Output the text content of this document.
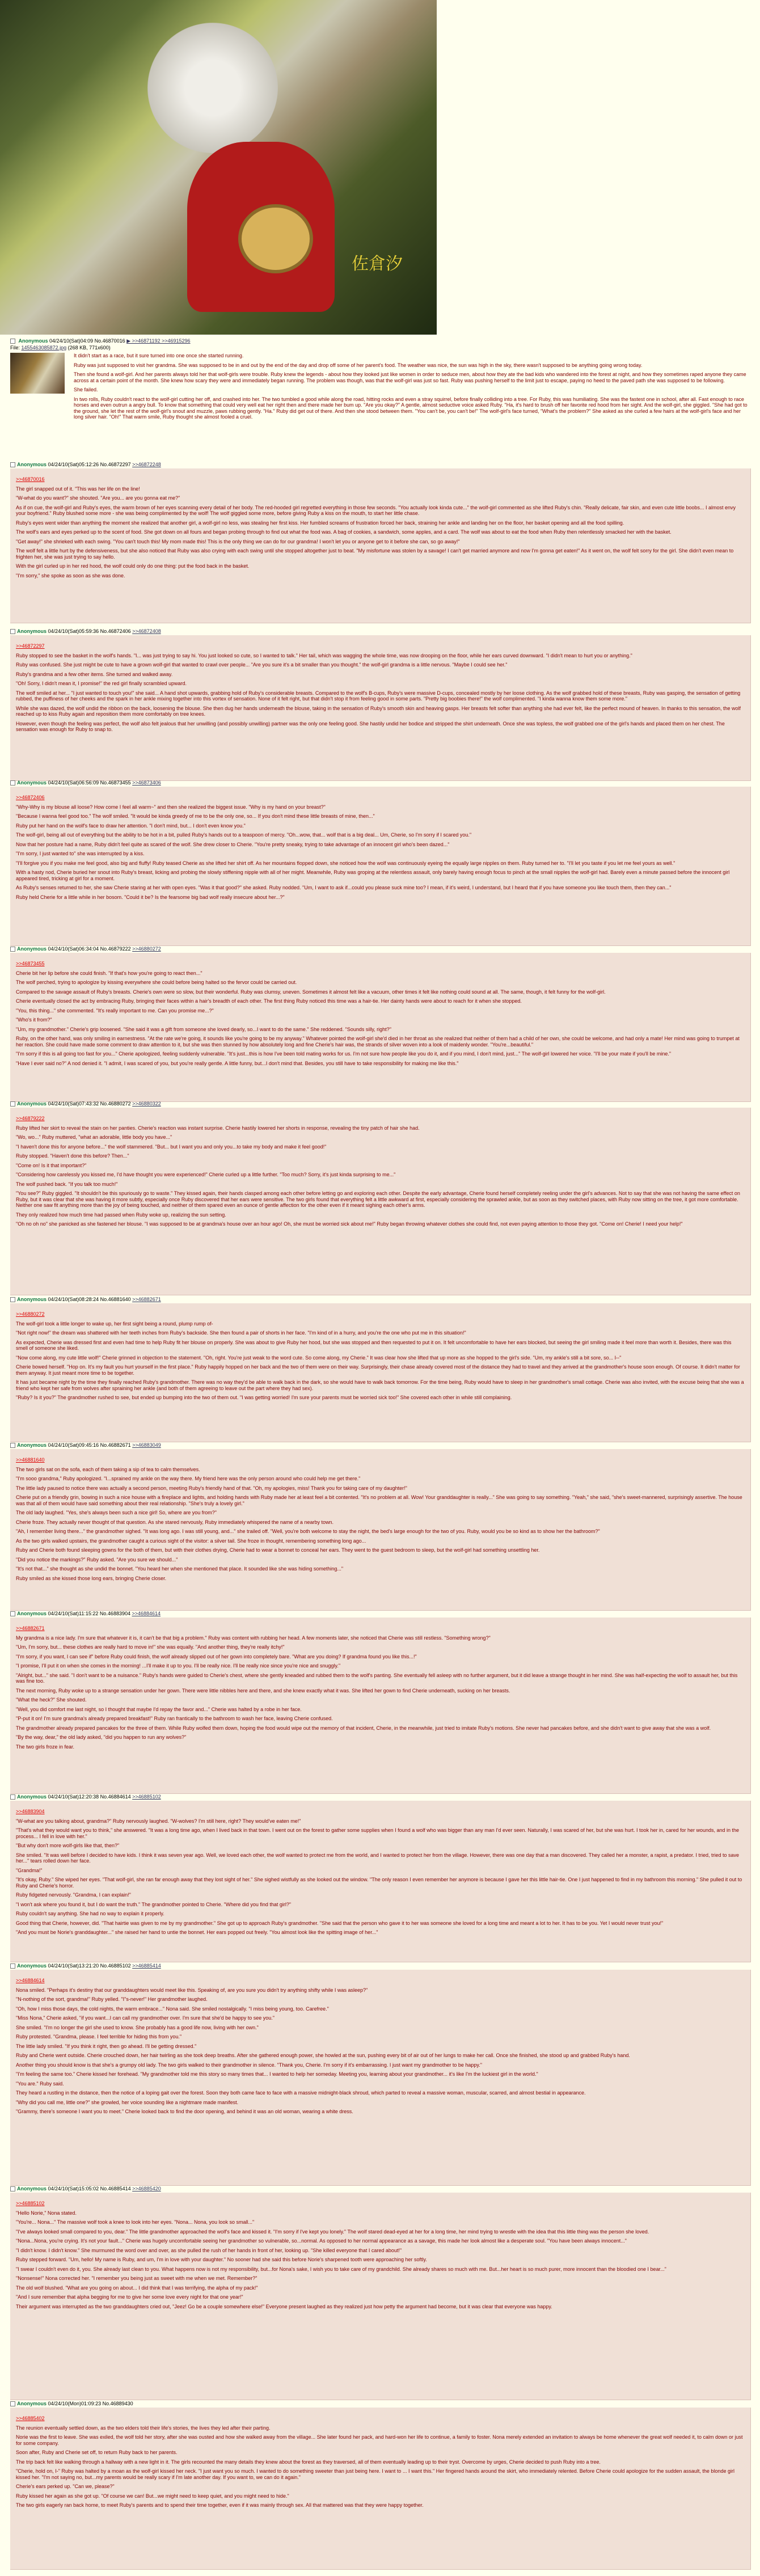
佐倉汐
Anonymous 04/24/10(Sat)04:09 No.46870016 ▶ >>46871192 >>46915296
File: 1455463085872.jpg (268 KB, 771x600)

It didn't start as a race, but it sure turned into one once she started running.

Ruby was just supposed to visit her grandma. She was supposed to be in and out by the end of the day and drop off some of her parent's food. The weather was nice, the sun was high in the sky, there wasn't supposed to be anything going wrong today.

Then she found a wolf-girl. And her parents always told her that wolf-girls were trouble. Ruby knew the legends - about how they looked just like women in order to seduce men, about how they ate the bad kids who wandered into the forest at night, and how they sometimes raped anyone they came across at a certain point of the month. She knew how scary they were and immediately began running. The problem was though, was that the wolf-girl was just so fast. Ruby was pushing herself to the limit just to escape, paying no heed to the paved path she was supposed to be following.

She failed.

In two rolls, Ruby couldn't react to the wolf-girl cutting her off, and crashed into her. The two tumbled a good while along the road, hitting rocks and even a stray squirrel, before finally colliding into a tree. For Ruby, this was humiliating. She was the fastest one in school, after all. Fast enough to race horses and even outrun a angry bull. To know that something that could very well eat her right then and there made her bum up. "Are you okay?" A gentle, almost seductive voice asked Ruby. "Ha, it's hard to brush off her favorite red hood from her sight. And the wolf-girl, she giggled. "She had got to the ground, she let the rest of the wolf-girl's snout and muzzle, paws rubbing gently. "Ha." Ruby did get out of there. And then she stood between them. "You can't be, you can't be!" The wolf-girl's face turned, "What's the problem?" She asked as she curled a few hairs at the wolf-girl's face and her long silver hair. "Oh!" That warm smile, Ruby thought she almost fooled a cruel.

Anonymous 04/24/10(Sat)05:12:26 No.46872297 >>46872248

>>46870016

The girl snapped out of it. "This was her life on the line!

"W-what do you want?" she shouted. "Are you... are you gonna eat me?"

As if on cue, the wolf-girl and Ruby's eyes, the warm brown of her eyes scanning every detail of her body. The red-hooded girl regretted everything in those few seconds. "You actually look kinda cute..." the wolf-girl commented as she lifted Ruby's chin. "Really delicate, fair skin, and even cute little boobs... I almost envy your boyfriend." Ruby blushed some more - she was being complimented by the wolf! The wolf giggled some more, before giving Ruby a kiss on the mouth, to start her little chase.

Ruby's eyes went wider than anything the moment she realized that another girl, a wolf-girl no less, was stealing her first kiss. Her fumbled screams of frustration forced her back, straining her ankle and landing her on the floor, her basket opening and all the food spilling.

The wolf's ears and eyes perked up to the scent of food. She got down on all fours and began probing through to find out what the food was. A bag of cookies, a sandwich, some apples, and a card. The wolf was about to eat the food when Ruby then relentlessly smacked her with the basket.

"Get away!" she shrieked with each swing. "You can't touch this! My mom made this! This is the only thing we can do for our grandma! I won't let you or anyone get to it before she can, so go away!"

The wolf felt a little hurt by the defensiveness, but she also noticed that Ruby was also crying with each swing until she stopped altogether just to beat. "My misfortune was stolen by a savage! I can't get married anymore and now I'm gonna get eaten!" As it went on, the wolf felt sorry for the girl. She didn't even mean to frighten her, she was just trying to say hello.

With the girl curled up in her red hood, the wolf could only do one thing: put the food back in the basket.

"I'm sorry," she spoke as soon as she was done.

Anonymous 04/24/10(Sat)05:59:36 No.46872406 >>46872408

>>46872297

Ruby stopped to see the basket in the wolf's hands. "I... was just trying to say hi. You just looked so cute, so I wanted to talk." Her tail, which was wagging the whole time, was now drooping on the floor, while her ears curved downward. "I didn't mean to hurt you or anything."

Ruby was confused. She just might be cute to have a grown wolf-girl that wanted to crawl over people... "Are you sure it's a bit smaller than you thought." the wolf-girl grandma is a little nervous. "Maybe I could see her."

Ruby's grandma and a few other items. She turned and walked away.

"Oh! Sorry, I didn't mean it, I promise!" the red girl finally scrambled upward.

The wolf smiled at her... "I just wanted to touch you!" she said... A hand shot upwards, grabbing hold of Ruby's considerable breasts. Compared to the wolf's B-cups, Ruby's were massive D-cups, concealed mostly by her loose clothing. As the wolf grabbed hold of these breasts, Ruby was gasping, the sensation of getting rubbed, the puffiness of her cheeks and the spark in her ankle mixing together into this vortex of sensation. None of it felt right, but that didn't stop it from feeling good in some parts. "Pretty big boobies there!" the wolf complimented. "I kinda wanna know them some more."

While she was dazed, the wolf undid the ribbon on the back, loosening the blouse. She then dug her hands underneath the blouse, taking in the sensation of Ruby's smooth skin and heaving gasps. Her breasts felt softer than anything she had ever felt, like the perfect mound of heaven. In thanks to this sensation, the wolf reached up to kiss Ruby again and reposition them more comfortably on tree knees.

However, even though the feeling was perfect, the wolf also felt jealous that her unwilling (and possibly unwilling) partner was the only one feeling good. She hastily undid her bodice and stripped the shirt underneath. Once she was topless, the wolf grabbed one of the girl's hands and placed them on her chest. The sensation was enough for Ruby to snap to.

Anonymous 04/24/10(Sat)06:56:09 No.46873455 >>46873406

>>46872406

"Why-Why is my blouse all loose? How come I feel all warm~" and then she realized the biggest issue. "Why is my hand on your breast?"

"Because I wanna feel good too." The wolf smiled. "It would be kinda greedy of me to be the only one, so... If you don't mind these little breasts of mine, then..."

Ruby put her hand on the wolf's face to draw her attention. "I don't mind, but... I don't even know you."

The wolf-girl, being all out of everything but the ability to be hot in a bit, pulled Ruby's hands out to a teaspoon of mercy. "Oh...wow, that... wolf that is a big deal... Um, Cherie, so I'm sorry if I scared you."

Now that her posture had a name, Ruby didn't feel quite as scared of the wolf. She drew closer to Cherie. "You're pretty sneaky, trying to take advantage of an innocent girl who's been dazed..."

"I'm sorry, I just wanted to" she was interrupted by a kiss.

"I'll forgive you if you make me feel good, also big and fluffy! Ruby teased Cherie as she lifted her shirt off. As her mountains flopped down, she noticed how the wolf was continuously eyeing the equally large nipples on them. Ruby turned her to. "I'll let you taste if you let me feel yours as well."

With a hasty nod, Cherie buried her snout into Ruby's breast, licking and probing the slowly stiffening nipple with all of her might. Meanwhile, Ruby was groping at the relentless assault, only barely having enough focus to pinch at the small nipples the wolf-girl had. Barely even a minute passed before the innocent girl appeared tired, tricking at girl for a moment.

As Ruby's senses returned to her, she saw Cherie staring at her with open eyes. "Was it that good?" she asked. Ruby nodded. "Um, I want to ask if...could you please suck mine too? I mean, if it's weird, I understand, but I heard that if you have someone you like touch them, then they can..."

Ruby held Cherie for a little while in her bosom. "Could it be? Is the fearsome big bad wolf really insecure about her...?"

Anonymous 04/24/10(Sat)06:34:04 No.46879222 >>46880272

>>46873455

Cherie bit her lip before she could finish. "If that's how you're going to react then..."

The wolf perched, trying to apologize by kissing everywhere she could before being halted so the fervor could be carried out.

Compared to the savage assault of Ruby's breasts. Cherie's own were so slow, but their wonderful. Ruby was clumsy, uneven. Sometimes it almost felt like a vacuum, other times it felt like nothing could sound at all. The same, though, it felt funny for the wolf-girl.

Cherie eventually closed the act by embracing Ruby, bringing their faces within a hair's breadth of each other. The first thing Ruby noticed this time was a hair-tie. Her dainty hands were about to reach for it when she stopped.

"You, this thing..." she commented. "It's really important to me. Can you promise me...?"

"Who's it from?"

"Um, my grandmother." Cherie's grip loosened. "She said it was a gift from someone she loved dearly, so...I want to do the same." She reddened. "Sounds silly, right?"

Ruby, on the other hand, was only smiling in earnestness. "At the rate we're going, it sounds like you're going to be my anyway." Whatever pointed the wolf-girl she'd died in her throat as she realized that neither of them had a child of her own, she could be welcome, and had only a mate! Her mind was going to trumpet at her reaction. She could have made some comment to draw attention to it, but she was then stunned by how absolutely long and fine Cherie's hair was, the strands of silver woven into a look of maidenly wonder. "You're...beautiful."

"I'm sorry if this is all going too fast for you..." Cherie apologized, feeling suddenly vulnerable. "It's just...this is how I've been told mating works for us. I'm not sure how people like you do it, and if you mind, I don't mind, just..." The wolf-girl lowered her voice. "I'll be your mate if you'll be mine."

"Have I ever said no?" A nod denied it. "I admit, I was scared of you, but you're really gentle. A little funny, but...I don't mind that. Besides, you still have to take responsibility for making me like this."

Anonymous 04/24/10(Sat)07:43:32 No.46880272 >>46880322

>>46879222

Ruby lifted her skirt to reveal the stain on her panties. Cherie's reaction was instant surprise. Cherie hastily lowered her shorts in response, revealing the tiny patch of hair she had.

"Wo, wo..." Ruby muttered, "what an adorable, little body you have..."

"I haven't done this for anyone before..." the wolf stammered. "But... but I want you and only you...to take my body and make it feel good!"

Ruby stopped. "Haven't done this before? Then..."

"Come on! Is it that important?"

"Considering how carelessly you kissed me, I'd have thought you were experienced!" Cherie curled up a little further. "Too much? Sorry, it's just kinda surprising to me..."

The wolf pushed back. "If you talk too much!"

"You see?" Ruby giggled. "It shouldn't be this spuriously go to waste." They kissed again, their hands clasped among each other before letting go and exploring each other. Despite the early advantage, Cherie found herself completely reeling under the girl's advances. Not to say that she was not having the same effect on Ruby, but it was clear that she was having it more subtly, especially once Ruby discovered that her ears were sensitive. The two girls found that everything felt a little awkward at first, especially considering the sprawled ankle, but as soon as they switched places, with Ruby now sitting on the tree, it got more comfortable. Neither one saw fit anything more than the joy of being touched, and neither of them spared even an ounce of gentle affection for the other even if it meant sighing each other's arms.

They only realized how much time had passed when Ruby woke up, realizing the sun setting.

"Oh no oh no" she panicked as she fastened her blouse. "I was supposed to be at grandma's house over an hour ago! Oh, she must be worried sick about me!" Ruby began throwing whatever clothes she could find, not even paying attention to those they got. "Come on! Cherie! I need your help!"

Anonymous 04/24/10(Sat)08:28:24 No.46881640 >>46882671

>>46880272

The wolf-girl took a little longer to wake up, her first sight being a round, plump rump of-

"Not right now!" the dream was shattered with her teeth inches from Ruby's backside. She then found a pair of shorts in her face. "I'm kind of in a hurry, and you're the one who put me in this situation!"

As expected, Cherie was dressed first and even had time to help Ruby fit her blouse on properly. She was about to give Ruby her hood, but she was stopped and then requested to put it on. It felt uncomfortable to have her ears blocked, but seeing the girl smiling made it feel more than worth it. Besides, there was this smell of someone she liked.

"Now come along, my cute little wolf!" Cherie grinned in objection to the statement. "Oh, right. You're just weak to the word cute. So come along, my Cherie." It was clear how she lifted that up more as she hopped to the girl's side. "Um, my ankle's still a bit sore, so... I--"

Cherie bowed herself. "Hop on. It's my fault you hurt yourself in the first place." Ruby happily hopped on her back and the two of them were on their way. Surprisingly, their chase already covered most of the distance they had to travel and they arrived at the grandmother's house soon enough. Of course. It didn't matter for them anyway. It just meant more time to be together.

It has just became night by the time they finally reached Ruby's grandmother. There was no way they'd be able to walk back in the dark, so she would have to walk back tomorrow. For the time being, Ruby would have to sleep in her grandmother's small cottage. Cherie was also invited, with the excuse being that she was a friend who kept her safe from wolves after spraining her ankle (and both of them agreeing to leave out the part where they had sex).

"Ruby? Is it you?" The grandmother rushed to see, but ended up bumping into the two of them out. "I was getting worried! I'm sure your parents must be worried sick too!" She covered each other in while still complaining.

Anonymous 04/24/10(Sat)09:45:16 No.46882671 >>46883049

>>46881640

The two girls sat on the sofa, each of them taking a sip of tea to calm themselves.

"I'm sooo grandma," Ruby apologized. "I...sprained my ankle on the way there. My friend here was the only person around who could help me get there."

The little lady paused to notice there was actually a second person, meeting Ruby's friendly hand of that. "Oh, my apologies, miss! Thank you for taking care of my daughter!"

Cherie put on a friendly grin, bowing in such a nice house with a fireplace and lights, and holding hands with Ruby made her at least feel a bit contented. "It's no problem at all. Wow! Your granddaughter is really..." She was going to say something. "Yeah," she said, "she's sweet-mannered, surprisingly assertive. The house was that all of them would have said something about their real relationship. "She's truly a lovely girl."

The old lady laughed. "Yes, she's always been such a nice girl! So, where are you from?"

Cherie froze. They actually never thought of that question. As she stared nervously, Ruby immediately whispered the name of a nearby town.

"Ah, I remember living there..." the grandmother sighed. "It was long ago. I was still young, and..." she trailed off. "Well, you're both welcome to stay the night, the bed's large enough for the two of you. Ruby, would you be so kind as to show her the bathroom?"

As the two girls walked upstairs, the grandmother caught a curious sight of the visitor: a silver tail. She froze in thought, remembering something long ago...

Ruby and Cherie both found sleeping gowns for the both of them, but with their clothes drying, Cherie had to wear a bonnet to conceal her ears. They went to the guest bedroom to sleep, but the wolf-girl had something unsettling her.

"Did you notice the markings?" Ruby asked. "Are you sure we should..."

"It's not that..." she thought as she undid the bonnet. "You heard her when she mentioned that place. It sounded like she was hiding something..."

Ruby smiled as she kissed those long ears, bringing Cherie closer.

Anonymous 04/24/10(Sat)11:15:22 No.46883904 >>46884614

>>46882671

My grandma is a nice lady. I'm sure that whatever it is, it can't be that big a problem." Ruby was content with rubbing her head. A few moments later, she noticed that Cherie was still restless. "Something wrong?"

"Um, I'm sorry, but... these clothes are really hard to move in!" she was equally. "And another thing, they're really itchy!"

"I'm sorry, if you want, I can see if" before Ruby could finish, the wolf already slipped out of her gown into completely bare. "What are you doing? If grandma found you like this...!"

"I promise, I'll put it on when she comes in the morning! ...I'll make it up to you. I'll be really nice. I'll be really nice since you're nice and snuggly."

"Alright, but..." she said. "I don't want to be a nuisance." Ruby's hands were guided to Cherie's chest, where she gently kneaded and rubbed them to the wolf's panting. She eventually fell asleep with no further argument, but it did leave a strange thought in her mind. She was half-expecting the wolf to assault her, but this was fine too.

The next morning, Ruby woke up to a strange sensation under her gown. There were little nibbles here and there, and she knew exactly what it was. She lifted her gown to find Cherie underneath, sucking on her breasts.

"What the heck?" She shouted.

"Well, you did comfort me last night, so I thought that maybe I'd repay the favor and..." Cherie was halted by a robe in her face.

"P-put it on! I'm sure grandma's already prepared breakfast!" Ruby ran frantically to the bathroom to wash her face, leaving Cherie confused.

The grandmother already prepared pancakes for the three of them. While Ruby wolfed them down, hoping the food would wipe out the memory of that incident, Cherie, in the meanwhile, just tried to imitate Ruby's motions. She never had pancakes before, and she didn't want to give away that she was a wolf.

"By the way, dear," the old lady asked, "did you happen to run any wolves?"

The two girls froze in fear.

Anonymous 04/24/10(Sat)12:20:38 No.46884614 >>46885102

>>46883904

"W-what are you talking about, grandma?" Ruby nervously laughed. "W-wolves? I'm still here, right? They would've eaten me!"

"That's what they would want you to think," she answered. "It was a long time ago, when I lived back in that town. I went out on the forest to gather some supplies when I found a wolf who was bigger than any man I'd ever seen. Naturally, I was scared of her, but she was hurt. I took her in, cared for her wounds, and in the process... I fell in love with her."

"But why don't more wolf-girls like that, then?"

She smiled. "It was well before I decided to have kids. I think it was seven year ago. Well, we loved each other, the wolf wanted to protect me from the world, and I wanted to protect her from the village. However, there was one day that a man discovered. They called her a monster, a rapist, a predator. I tried, tried to save her..." tears rolled down her face.

"Grandma!"

"It's okay, Ruby." She wiped her eyes. "That wolf-girl, she ran far enough away that they lost sight of her." She sighed wistfully as she looked out the window. "The only reason I even remember her anymore is because I gave her this little hair-tie. One I just happened to find in my bathroom this morning." She pulled it out to Ruby and Cherie's horror.

Ruby fidgeted nervously. "Grandma, I can explain!"

"I won't ask where you found it, but I do want the truth." The grandmother pointed to Cherie. "Where did you find that girl?"

Ruby couldn't say anything. She had no way to explain it properly.

Good thing that Cherie, however, did. "That hairtie was given to me by my grandmother." She got up to approach Ruby's grandmother. "She said that the person who gave it to her was someone she loved for a long time and meant a lot to her. It has to be you. Yet I would never trust you!"

"And you must be Norie's granddaughter..." she raised her hand to untie the bonnet. Her ears popped out freely. "You almost look like the spitting image of her..."

Anonymous 04/24/10(Sat)13:21:20 No.46885102 >>46885414

>>46884614

Nona smiled. "Perhaps it's destiny that our granddaughters would meet like this. Speaking of, are you sure you didn't try anything shifty while I was asleep?"

"N-nothing of the sort, grandma!" Ruby yelled. "I"s-never!" Her grandmother laughed.

"Oh, how I miss those days, the cold nights, the warm embrace..." Nona said. She smiled nostalgically. "I miss being young, too. Carefree."

"Miss Nona," Cherie asked, "if you want...I can call my grandmother over. I'm sure that she'd be happy to see you."

She smiled. "I'm no longer the girl she used to know. She probably has a good life now, living with her own."

Ruby protested. "Grandma, please. I feel terrible for hiding this from you."

The little lady smiled. "If you think it right, then go ahead. I'll be getting dressed."

Ruby and Cherie went outside. Cherie crouched down, her hair twirling as she took deep breaths. After she gathered enough power, she howled at the sun, pushing every bit of air out of her lungs to make her call. Once she finished, she stood up and grabbed Ruby's hand.

Another thing you should know is that she's a grumpy old lady. The two girls walked to their grandmother in silence. "Thank you, Cherie. I'm sorry if it's embarrassing. I just want my grandmother to be happy."

"I'm feeling the same too." Cherie kissed her forehead. "My grandmother told me this story so many times that... I wanted to help her someday. Meeting you, learning about your grandmother... it's like I'm the luckiest girl in the world."

"You are." Ruby said.

They heard a rustling in the distance, then the notice of a loping gait over the forest. Soon they both came face to face with a massive midnight-black shroud, which parted to reveal a massive woman, muscular, scarred, and almost bestial in appearance.

"Why did you call me, little one?" she growled, her voice sounding like a nightmare made manifest.

"Grammy, there's someone I want you to meet." Cherie looked back to find the door opening, and behind it was an old woman, wearing a white dress.

Anonymous 04/24/10(Sat)15:05:02 No.46885414 >>46885420

>>46885102

"Hello Norie," Nona stated.

"You're... Nona..." The massive wolf took a knee to look into her eyes. "Nona... Nona, you look so small..."

"I've always looked small compared to you, dear." The little grandmother approached the wolf's face and kissed it. "I'm sorry if I've kept you lonely." The wolf stared dead-eyed at her for a long time, her mind trying to wrestle with the idea that this little thing was the person she loved.

"Nona...Nona, you're crying. It's not your fault..." Cherie was hugely uncomfortable seeing her grandmother so vulnerable, so...normal. As opposed to her normal appearance as a savage, this made her look almost like a desperate soul. "You have been always innocent..."

"I didn't know. I didn't know." She murmured the word over and over, as she pulled the rush of her hands in front of her, looking up. "She killed everyone that I cared about!"

Ruby stepped forward. "Um, hello! My name is Ruby, and um, I'm in love with your daughter." No sooner had she said this before Norie's sharpened tooth were approaching her softly.

"I swear I couldn't even do it, you. She already last clean to you. What happens now is not my responsibility, but...for Nona's sake, I wish you to take care of my grandchild. She already shares so much with me. But...her heart is so much purer, more innocent than the bloodied one I bear..."

"Nonsense!" Nona corrected her. "I remember you being just as sweet with me when we met. Remember?"

The old wolf blushed. "What are you going on about... I did think that I was terrifying, the alpha of my pack!"

"And I sure remember that alpha begging for me to give her some love every night for that one year!"

Their argument was interrupted as the two granddaughters cried out, "Jeez! Go be a couple somewhere else!" Everyone present laughed as they realized just how petty the argument had become, but it was clear that everyone was happy.

Anonymous 04/24/10(Mon)01:09:23 No.46889430

>>46885402

The reunion eventually settled down, as the two elders told their life's stories, the lives they led after their parting.

Norie was the first to leave. She was exiled, the wolf told her story, after she was ousted and how she walked away from the village... She later found her pack, and hard-won her life to continue, a family to foster. Nona merely extended an invitation to always be home whenever the great wolf needed it, to calm down or just for some company.

Soon after, Ruby and Cherie set off, to return Ruby back to her parents.

The trip back felt like walking through a hallway with a new light in it. The girls recounted the many details they knew about the forest as they traversed, all of them eventually leading up to their tryst. Overcome by urges, Cherie decided to push Ruby into a tree.

"Cherie, hold on, I-" Ruby was halted by a moan as the wolf-girl kissed her neck. "I just want you so much. I wanted to do something sweeter than just being here. I want to ... I want this." Her fingered hands around the skirt, who immediately relented. Before Cherie could apologize for the sudden assault, the blonde girl kissed her. "I'm not saying no, but...my parents would be really scary if I'm late another day. If you want to, we can do it again."

Cherie's ears perked up. "Can we, please?"

Ruby kissed her again as she got up. "Of course we can! But...we might need to keep quiet, and you might need to hide."

The two girls eagerly ran back home, to meet Ruby's parents and to spend their time together, even if it was mainly through sex. All that mattered was that they were happy together.
